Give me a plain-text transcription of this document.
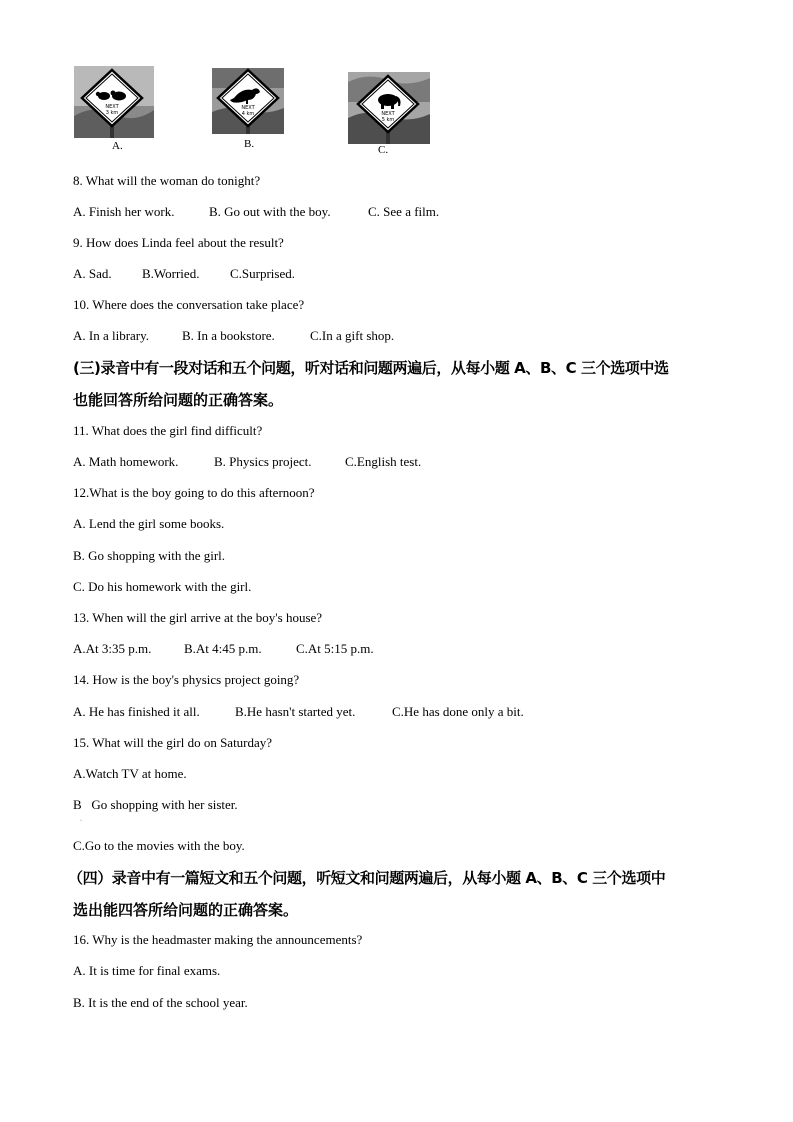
NEXT
3 km
A.
NEXT
4 km
B.
NEXT
5 km
C.
8. What will the woman do tonight?
A. Finish her work.	B. Go out with the boy.	C. See a film.
9. How does Linda feel about the result?
A. Sad. B.Worried. C.Surprised.
10. Where does the conversation take place?
A. In a library.	B. In a bookstore.	C.In a gift shop.
(三)录音中有一段对话和五个问题，听对话和问题两遍后，从每小题 A、B、C 三个选项中选
也能回答所给问题的正确答案。
11. What does the girl find difficult?
A. Math homework.	B. Physics project.	C.English test.
12.What is the boy going to do this afternoon?
A. Lend the girl some books.
B. Go shopping with the girl.
C. Do his homework with the girl.
13. When will the girl arrive at the boy's house?
A.At 3:35 p.m.	B.At 4:45 p.m.	C.At 5:15 p.m.
14. How is the boy's physics project going?
A. He has finished it all.	B.He hasn't started yet.	C.He has done only a bit.
15. What will the girl do on Saturday?
A.Watch TV at home.
B   Go shopping with her sister.
·
C.Go to the movies with the boy.
（四）录音中有一篇短文和五个问题，听短文和问题两遍后，从每小题 A、B、C 三个选项中
选出能四答所给问题的正确答案。
16. Why is the headmaster making the announcements?
A. It is time for final exams.
B. It is the end of the school year.
